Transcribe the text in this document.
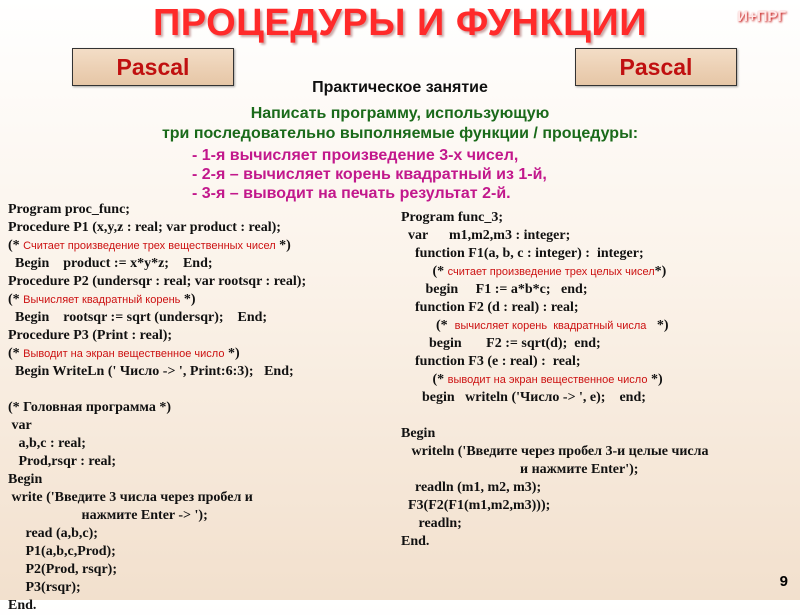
ПРОЦЕДУРЫ И ФУНКЦИИ	И+ПРГ
Pascal	Pascal
Практическое занятие
Написать программу, использующую
три последовательно выполняемые функции / процедуры:
- 1-я вычисляет произведение 3-х чисел,
- 2-я – вычисляет корень квадратный из 1-й,
- 3-я – выводит на печать результат 2-й.
Program proc_func;
Procedure P1 (x,y,z : real; var product : real);
(* Считает произведение трех вещественных чисел *)
Begin    product := x*y*z;    End;
Procedure P2 (undersqr : real; var rootsqr : real);
(* Вычисляет квадратный корень *)
Begin    rootsqr := sqrt (undersqr);    End;
Procedure P3 (Print : real);
(* Выводит на экран вещественное число *)
Begin WriteLn (' Число -> ', Print:6:3);   End;
(* Головная программа *)
var
a,b,c : real;
Prod,rsqr : real;
Begin
write ('Введите 3 числа через пробел и
нажмите Enter -> ');
read (a,b,c);
P1(a,b,c,Prod);
P2(Prod, rsqr);
P3(rsqr);
End.
Program func_3;
var      m1,m2,m3 : integer;
function F1(a, b, c : integer) :  integer;
(* считает произведение трех целых чисел*)
begin     F1 := a*b*c;   end;
function F2 (d : real) : real;
(*  вычисляет корень  квадратный числа   *)
begin       F2 := sqrt(d);  end;
function F3 (e : real) :  real;
(* выводит на экран вещественное число *)
begin   writeln ('Число -> ', e);    end;
Begin
writeln ('Введите через пробел 3-и целые числа
и нажмите Enter');
readln (m1, m2, m3);
F3(F2(F1(m1,m2,m3)));
readln;
End.
9
